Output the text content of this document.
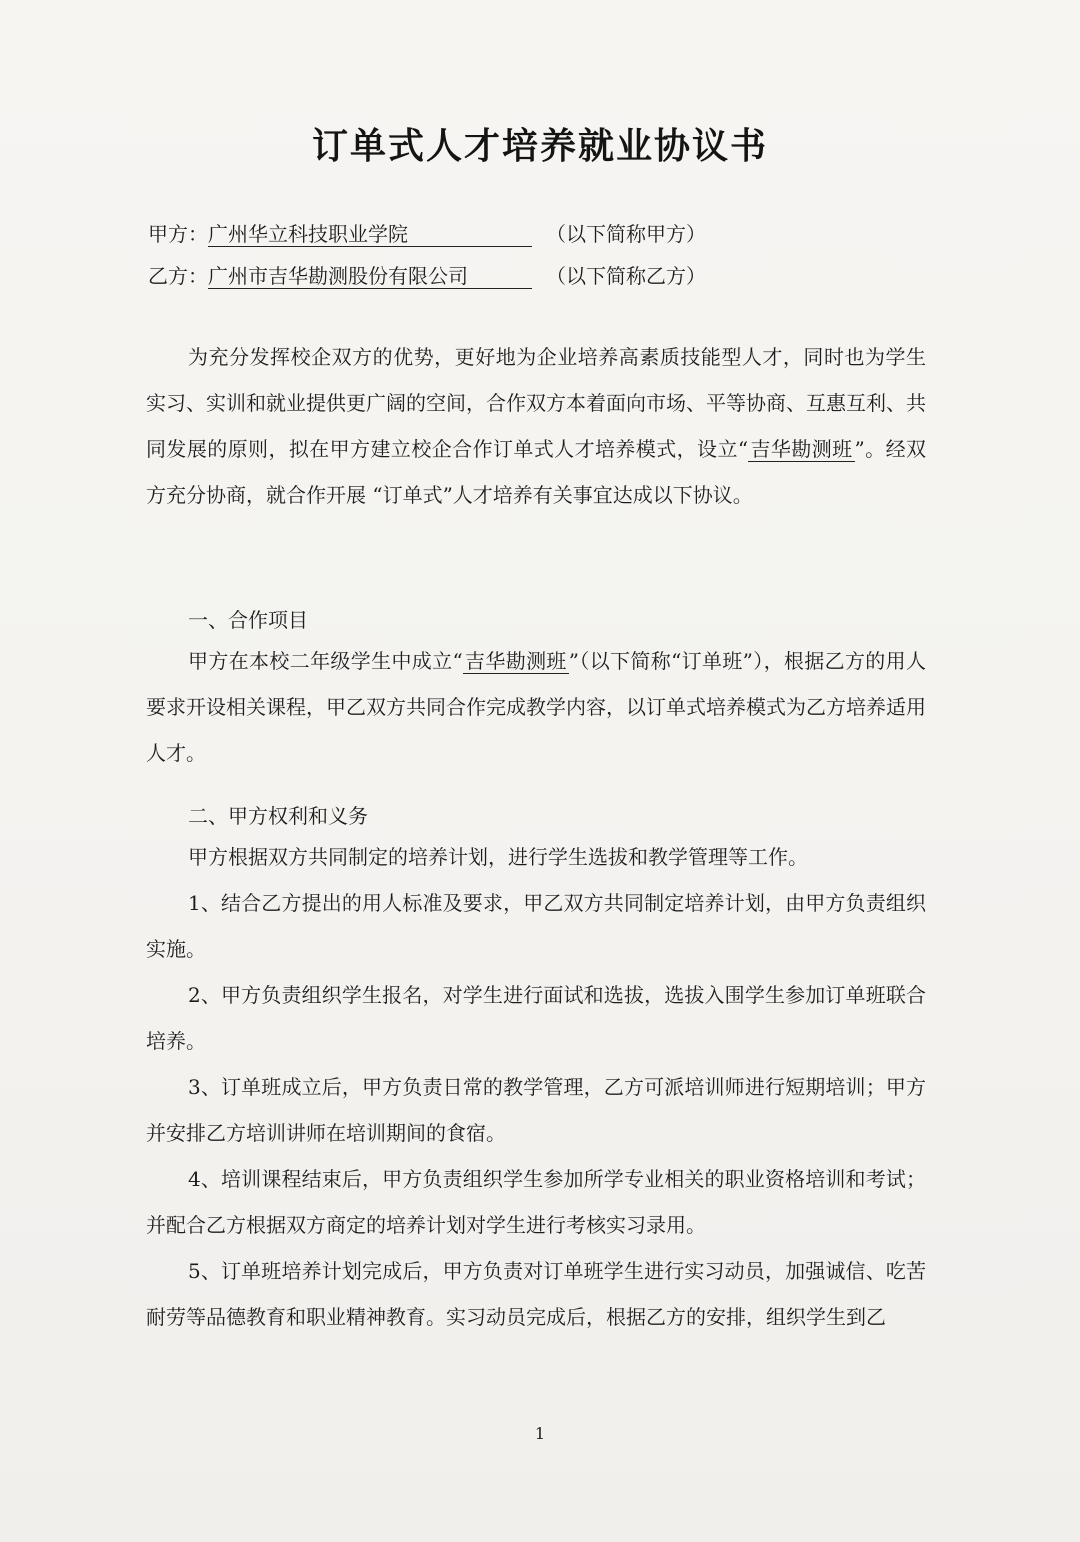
订单式人才培养就业协议书
甲方：广州华立科技职业学院	（以下简称甲方）
乙方：广州市吉华勘测股份有限公司	（以下简称乙方）

为充分发挥校企双方的优势，更好地为企业培养高素质技能型人才，同时也为学生实习、实训和就业提供更广阔的空间，合作双方本着面向市场、平等协商、互惠互利、共同发展的原则，拟在甲方建立校企合作订单式人才培养模式，设立“ 吉华勘测班 ”。经双方充分协商，就合作开展 “订单式”人才培养有关事宜达成以下协议。

一、合作项目

甲方在本校二年级学生中成立“ 吉华勘测班 ”（以下简称“订单班”），根据乙方的用人要求开设相关课程，甲乙双方共同合作完成教学内容，以订单式培养模式为乙方培养适用人才。

二、甲方权利和义务

甲方根据双方共同制定的培养计划，进行学生选拔和教学管理等工作。

1、结合乙方提出的用人标准及要求，甲乙双方共同制定培养计划，由甲方负责组织实施。

2、甲方负责组织学生报名，对学生进行面试和选拔，选拔入围学生参加订单班联合培养。

3、订单班成立后，甲方负责日常的教学管理，乙方可派培训师进行短期培训；甲方并安排乙方培训讲师在培训期间的食宿。

4、培训课程结束后，甲方负责组织学生参加所学专业相关的职业资格培训和考试；并配合乙方根据双方商定的培养计划对学生进行考核实习录用。

5、订单班培养计划完成后，甲方负责对订单班学生进行实习动员，加强诚信、吃苦耐劳等品德教育和职业精神教育。实习动员完成后，根据乙方的安排，组织学生到乙

1
